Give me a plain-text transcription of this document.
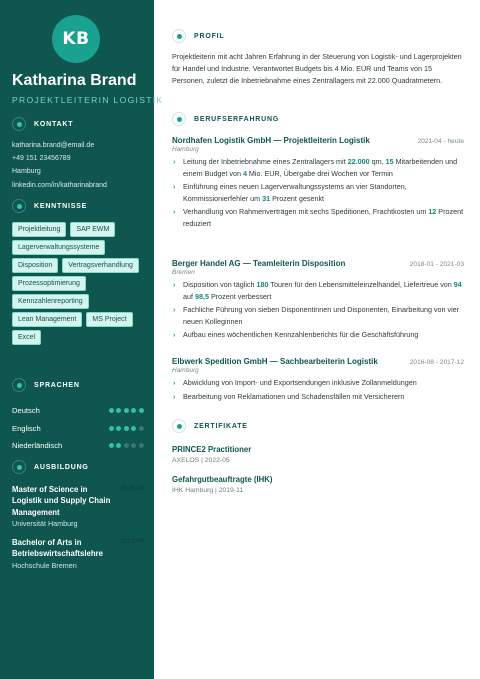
KB
Katharina Brand
PROJEKTLEITERIN LOGISTIK
KONTAKT
katharina.brand@email.de
+49 151 23456789
Hamburg
linkedin.com/in/katharinabrand
KENNTNISSE
Projektleitung	SAP EWM
Lagerverwaltungssysteme
Disposition	Vertragsverhandlung
Prozessoptimierung
Kennzahlenreporting
Lean Management	MS Project
Excel
SPRACHEN
Deutsch
Englisch
Niederländisch
AUSBILDUNG
Master of Science in Logistik und Supply Chain Management
2016-08
Universität Hamburg
Bachelor of Arts in Betriebswirtschaftslehre
2013-09
Hochschule Bremen
PROFIL

Projektleiterin mit acht Jahren Erfahrung in der Steuerung von Logistik- und Lagerprojekten für Handel und Industrie. Verantwortet Budgets bis 4 Mio. EUR und Teams von 15 Personen, zuletzt die Inbetriebnahme eines Zentrallagers mit 22.000 Quadratmetern.

BERUFSERFAHRUNG
Nordhafen Logistik GmbH — Projektleiterin Logistik	2021-04 - heute
Hamburg
› Leitung der Inbetriebnahme eines Zentrallagers mit 22.000 qm, 15 Mitarbeitenden und einem Budget von 4 Mio. EUR, Übergabe drei Wochen vor Termin
› Einführung eines neuen Lagerverwaltungssystems an vier Standorten, Kommissionierfehler um 31 Prozent gesenkt
› Verhandlung von Rahmenverträgen mit sechs Speditionen, Frachtkosten um 12 Prozent reduziert
Berger Handel AG — Teamleiterin Disposition	2018-01 - 2021-03
Bremen
› Disposition von täglich 180 Touren für den Lebensmitteleinzelhandel, Liefertreue von 94 auf 98,5 Prozent verbessert
› Fachliche Führung von sieben Disponentinnen und Disponenten, Einarbeitung von vier neuen Kolleginnen
› Aufbau eines wöchentlichen Kennzahlenberichts für die Geschäftsführung
Elbwerk Spedition GmbH — Sachbearbeiterin Logistik	2016-08 - 2017-12
Hamburg
› Abwicklung von Import- und Exportsendungen inklusive Zollanmeldungen
› Bearbeitung von Reklamationen und Schadensfällen mit Versicherern
ZERTIFIKATE
PRINCE2 Practitioner
AXELOS | 2022-05
Gefahrgutbeauftragte (IHK)
IHK Hamburg | 2019-11
